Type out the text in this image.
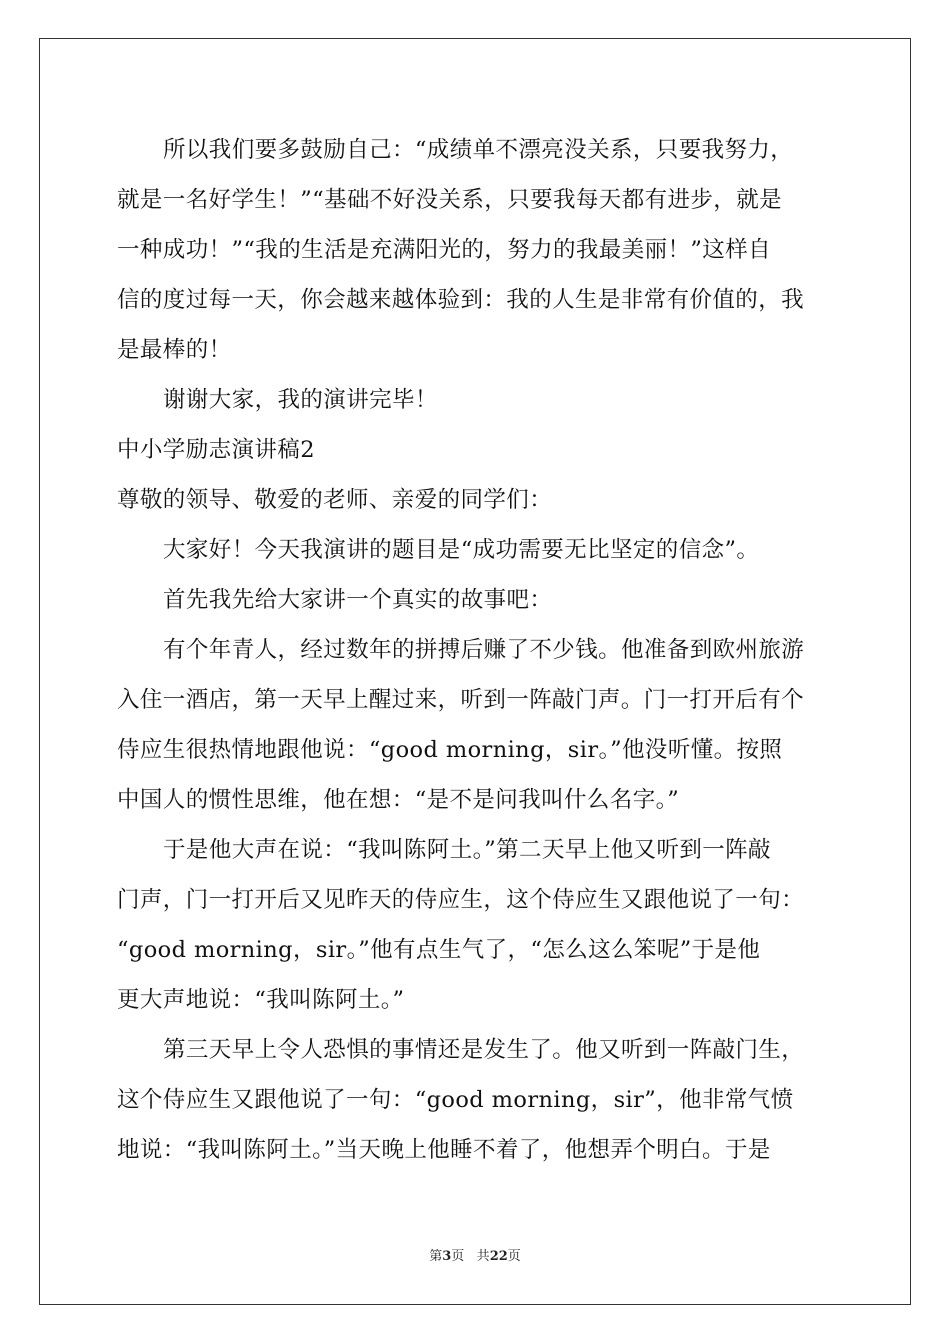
所以我们要多鼓励自己：“成绩单不漂亮没关系，只要我努力，
就是一名好学生！”“基础不好没关系，只要我每天都有进步，就是
一种成功！”“我的生活是充满阳光的，努力的我最美丽！”这样自
信的度过每一天，你会越来越体验到：我的人生是非常有价值的，我
是最棒的！
谢谢大家，我的演讲完毕！
中小学励志演讲稿2
尊敬的领导、敬爱的老师、亲爱的同学们：
大家好！今天我演讲的题目是“成功需要无比坚定的信念”。
首先我先给大家讲一个真实的故事吧：
有个年青人，经过数年的拼搏后赚了不少钱。他准备到欧州旅游
入住一酒店，第一天早上醒过来，听到一阵敲门声。门一打开后有个
侍应生很热情地跟他说：“good morning，sir。”他没听懂。按照
中国人的惯性思维，他在想：“是不是问我叫什么名字。”
于是他大声在说：“我叫陈阿土。”第二天早上他又听到一阵敲
门声，门一打开后又见昨天的侍应生，这个侍应生又跟他说了一句：
“good morning，sir。”他有点生气了，“怎么这么笨呢”于是他
更大声地说：“我叫陈阿土。”
第三天早上令人恐惧的事情还是发生了。他又听到一阵敲门生，
这个侍应生又跟他说了一句：“good morning，sir”，他非常气愤
地说：“我叫陈阿土。”当天晚上他睡不着了，他想弄个明白。于是
第3页 共22页
